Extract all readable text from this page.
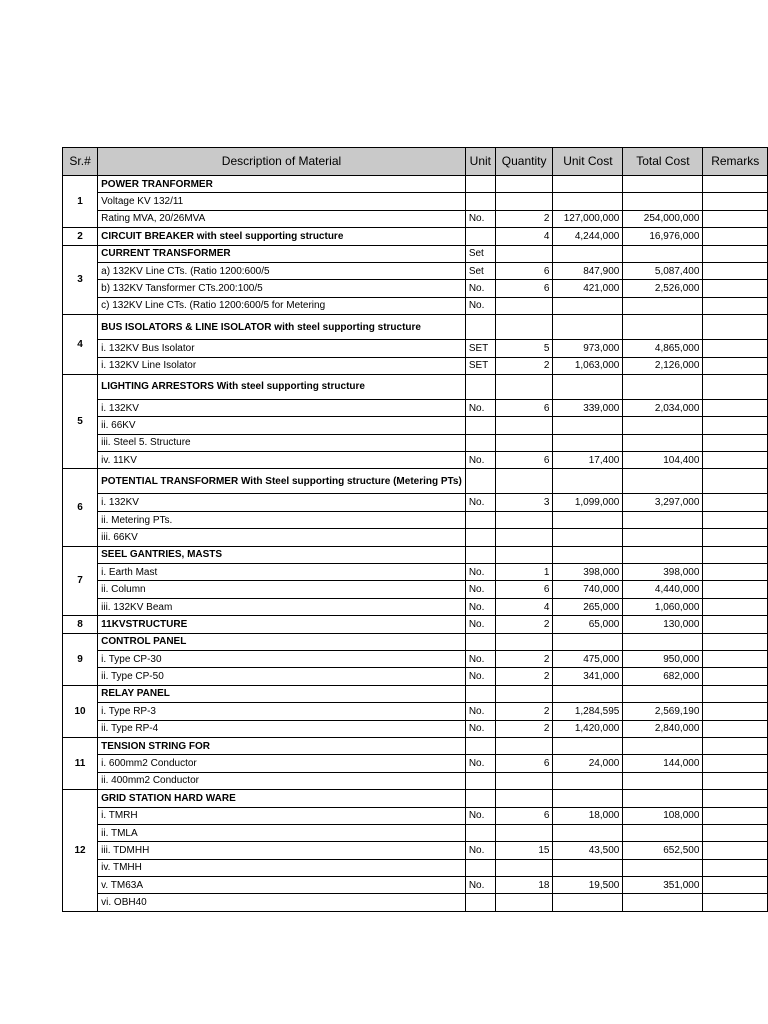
Sr.#	Description of Material	Unit	Quantity	Unit Cost	Total Cost	Remarks
1	POWER TRANFORMER					
	Voltage KV 132/11					
	Rating MVA, 20/26MVA	No.	2	127,000,000	254,000,000	
2	CIRCUIT BREAKER with steel supporting structure		4	4,244,000	16,976,000	
3	CURRENT TRANSFORMER	Set				
	a) 132KV Line CTs. (Ratio 1200:600/5	Set	6	847,900	5,087,400	
	b) 132KV Tansformer CTs.200:100/5	No.	6	421,000	2,526,000	
	c) 132KV Line CTs. (Ratio 1200:600/5 for Metering	No.				
4	BUS ISOLATORS & LINE ISOLATOR with steel supporting structure					
	i. 132KV Bus Isolator	SET	5	973,000	4,865,000	
	i. 132KV Line Isolator	SET	2	1,063,000	2,126,000	
5	LIGHTING ARRESTORS With steel supporting structure					
	i. 132KV	No.	6	339,000	2,034,000	
	ii. 66KV					
	iii. Steel 5. Structure					
	iv. 11KV	No.	6	17,400	104,400	
6	POTENTIAL TRANSFORMER With Steel supporting structure (Metering PTs)					
	i. 132KV	No.	3	1,099,000	3,297,000	
	ii. Metering PTs.					
	iii. 66KV					
7	SEEL GANTRIES, MASTS					
	i. Earth Mast	No.	1	398,000	398,000	
	ii. Column	No.	6	740,000	4,440,000	
	iii. 132KV Beam	No.	4	265,000	1,060,000	
8	11KVSTRUCTURE	No.	2	65,000	130,000	
9	CONTROL PANEL					
	i. Type CP-30	No.	2	475,000	950,000	
	ii. Type CP-50	No.	2	341,000	682,000	
10	RELAY PANEL					
	i. Type RP-3	No.	2	1,284,595	2,569,190	
	ii. Type RP-4	No.	2	1,420,000	2,840,000	
11	TENSION STRING FOR					
	i. 600mm2 Conductor	No.	6	24,000	144,000	
	ii. 400mm2 Conductor					
12	GRID STATION HARD WARE					
	i. TMRH	No.	6	18,000	108,000	
	ii. TMLA					
	iii. TDMHH	No.	15	43,500	652,500	
	iv. TMHH					
	v. TM63A	No.	18	19,500	351,000	
	vi. OBH40					
